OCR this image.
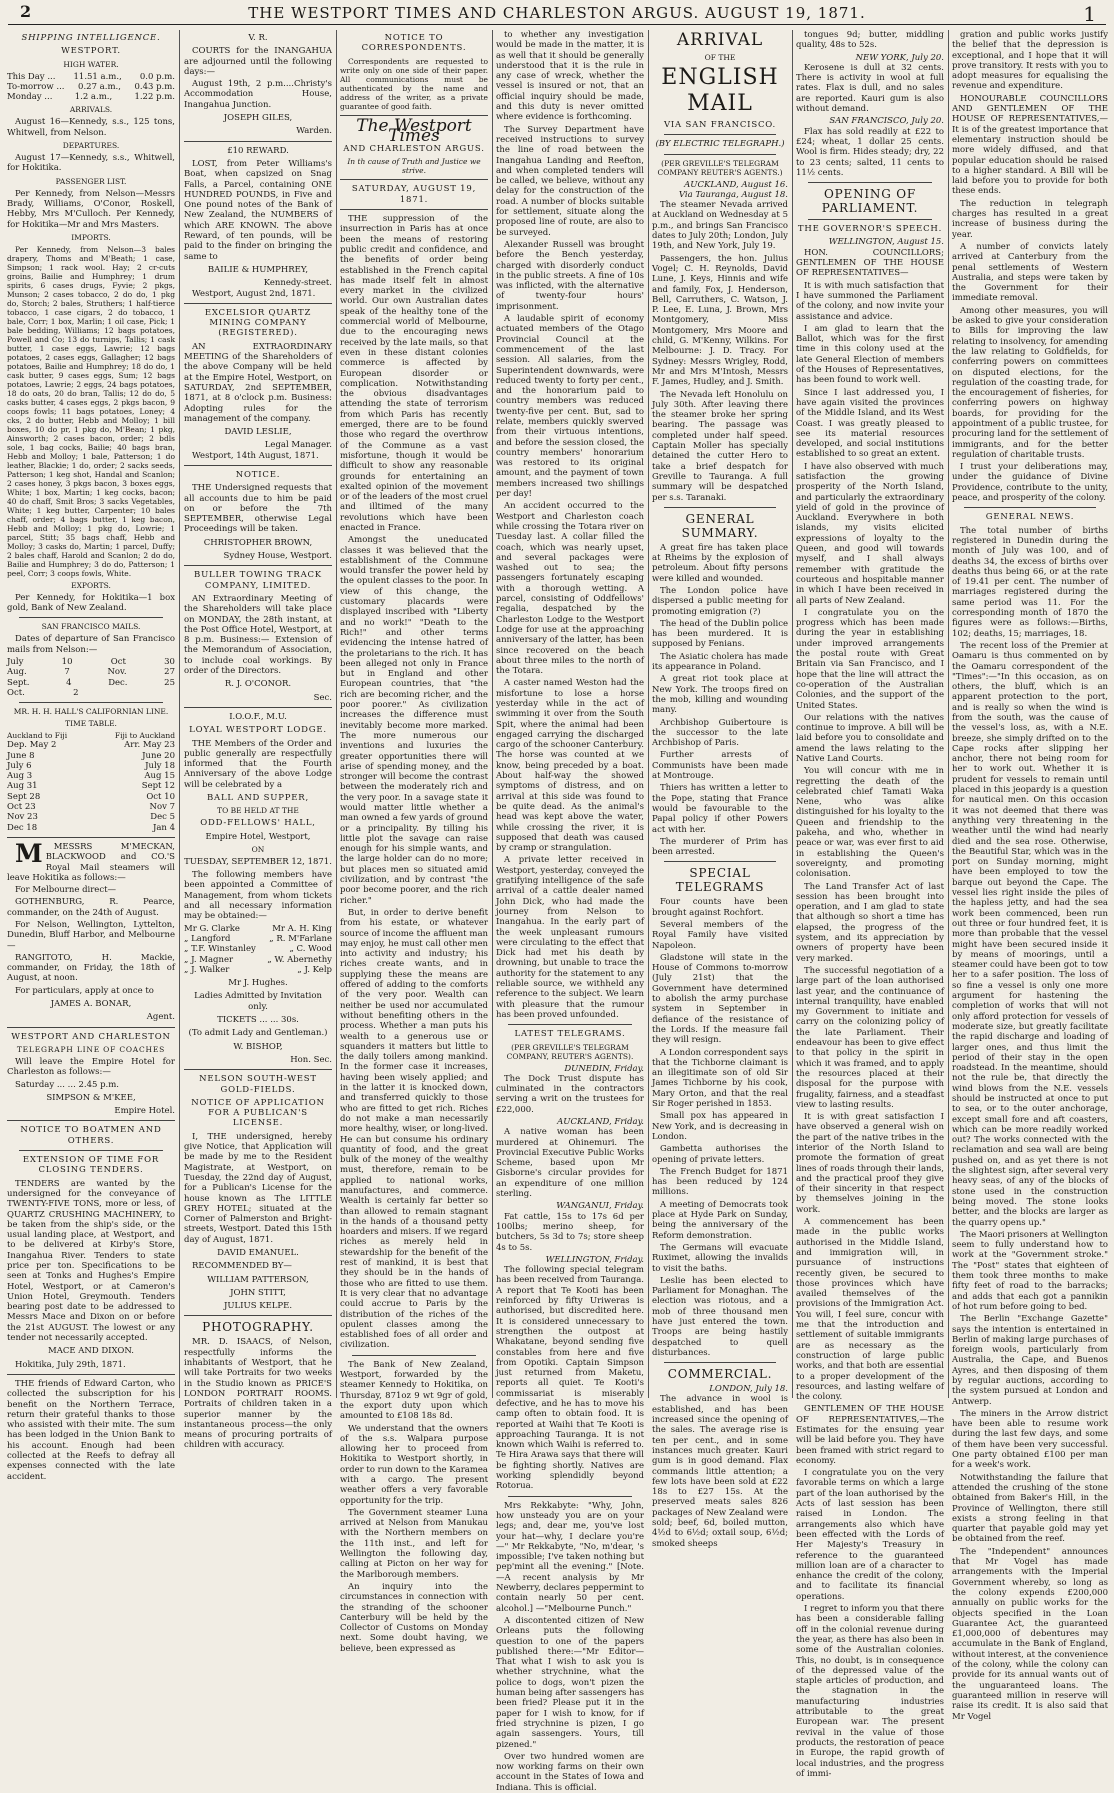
2	THE WESTPORT TIMES AND CHARLESTON ARGUS. AUGUST 19, 1871.	1
SHIPPING INTELLIGENCE.
WESTPORT.
HIGH WATER.
This Day ... 11.51 a.m., 0.0 p.m.
To-morrow ... 0.27 a.m., 0.43 p.m.
Monday ...	1.2 a.m.,	1.22 p.m.
ARRIVALS.

August 16—Kennedy, s.s., 125 tons, Whitwell, from Nelson.

DEPARTURES.

August 17—Kennedy, s.s., Whitwell, for Hokitika.

PASSENGER LIST.

Per Kennedy, from Nelson—Messrs Brady, Williams, O'Conor, Roskell, Hebby, Mrs M'Culloch. Per Kennedy, for Hokitika—Mr and Mrs Masters.

IMPORTS.

Per Kennedy, from Nelson—3 bales drapery, Thoms and M'Beath; 1 case, Simpson; 1 rack wool. Hay; 2 cr-cuts groins, Bailie and Humphrey; 1 drum spirits, 6 cases drugs, Fyvie; 2 pkgs, Munson; 2 cases tobacco, 2 do do, 1 pkg do, Storch; 2 bales, Struthers; 1 half-tierce tobacco, 1 case cigars, 2 do tobacco, 1 bale, Corr; 1 box, Marlin; 1 oil case, Pick; 1 bale bedding, Williams; 12 bags potatoes, Powell and Co; 13 do turnips, Tallis; 1 cask butter, 1 case eggs, Lawrie; 12 bags potatoes, 2 cases eggs, Gallagher; 12 bags potatoes, Bailie and Humphrey; 18 do do, 1 cask butter, 9 cases eggs, Sum; 12 bags potatoes, Lawrie; 2 eggs, 24 bags potatoes, 18 do oats, 20 do bran, Tallis; 12 do do, 5 casks butter, 4 cases eggs, 2 pkgs bacon, 9 coops fowls; 11 bags potatoes, Loney; 4 cks, 2 do butter, Hebb and Molloy; 1 bill boxes, 10 do pr, 1 pkg do, M'Bean; 1 pkg, Ainsworth; 2 cases bacon, order; 2 bdls sole, 1 bag cocks, Bailie; 40 bags bran, Hebb and Molloy; 1 bale, Patterson; 1 do leather, Blackie; 1 do, order; 2 sacks seeds, Patterson; 1 keg shot, Handal and Scanlon; 2 cases honey, 3 pkgs bacon, 3 boxes eggs, White; 1 box, Martin; 1 keg cocks, bacon; 40 do chaff, Smit Bros; 3 sacks Vegetables, White; 1 keg butter, Carpenter; 10 bales chaff, order; 4 bags butter, 1 keg bacon, Hebb and Molloy; 1 pkg do, Lowrie; 1 parcel, Stitt; 35 bags chaff, Hebb and Molloy; 3 casks do, Martin; 1 parcel, Duffy; 2 bales chaff, Harold and Scanlon; 2 do do, Bailie and Humphrey; 3 do do, Patterson; 1 peel, Corr; 3 coops fowls, White.

EXPORTS.

Per Kennedy, for Hokitika—1 box gold, Bank of New Zealand.

SAN FRANCISCO MAILS.

Dates of departure of San Francisco mails from Nelson:—

July	10	Oct	30
Aug.	7	Nov.	27
Sept.	4	Dec.	25
Oct.	2
MR. H. H. HALL'S CALIFORNIAN LINE.
TIME TABLE.
Auckland to Fiji	Fiji to Auckland
Dep. May 2	Arr. May 23
June 8	June 20
July 6	July 18
Aug 3	Aug 15
Aug 31	Sept 12
Sept 28	Oct 10
Oct 23	Nov 7
Nov 23	Dec 5
Dec 18	Jan 4

M MESSRS M'MECKAN, BLACKWOOD and CO.'S Royal Mail steamers will leave Hokitika as follows:—

For Melbourne direct—

GOTHENBURG, R. Pearce, commander, on the 24th of August.

For Nelson, Wellington, Lyttelton, Dunedin, Bluff Harbor, and Melbourne—

RANGITOTO, H. Mackie, commander, on Friday, the 18th of August, at noon.

For particulars, apply at once to

JAMES A. BONAR,
Agent.
WESTPORT AND CHARLESTON
TELEGRAPH LINE OF COACHES

Will leave the Empire Hotel for Charleston as follows:—

Saturday ... ... 2.45 p.m.

SIMPSON & M'KEE,
Empire Hotel.
NOTICE TO BOATMEN AND OTHERS.
EXTENSION OF TIME FOR CLOSING TENDERS.

TENDERS are wanted by the undersigned for the conveyance of TWENTY-FIVE TONS, more or less, of QUARTZ CRUSHING MACHINERY, to be taken from the ship's side, or the usual landing place, at Westport, and to be delivered at Kirby's Store, Inangahua River. Tenders to state price per ton. Specifications to be seen at Tonks and Hughes's Empire Hotel, Westport, or at Cameron's Union Hotel, Greymouth. Tenders bearing post date to be addressed to Messrs Mace and Dixon on or before the 21st AUGUST. The lowest or any tender not necessarily accepted.

MACE AND DIXON.

Hokitika, July 29th, 1871.

THE friends of Edward Carton, who collected the subscription for his benefit on the Northern Terrace, return their grateful thanks to those who assisted with their mite. The sum has been lodged in the Union Bank to his account. Enough had been collected at the Reefs to defray all expenses connected with the late accident.

V. R.

COURTS for the INANGAHUA are adjourned until the following days:—

August 19th, 2 p.m....Christy's Accommodation House, Inangahua Junction.

JOSEPH GILES,
Warden.
£10 REWARD.

LOST, from Peter Williams's Boat, when capsized on Snag Falls, a Parcel, containing ONE HUNDRED POUNDS, in Five and One pound notes of the Bank of New Zealand, the NUMBERS of which ARE KNOWN. The above Reward, of ten pounds, will be paid to the finder on bringing the same to

BAILIE & HUMPHREY,
Kennedy-street.

Westport, August 2nd, 1871.

EXCELSIOR QUARTZ MINING COMPANY (REGISTERED).

AN EXTRAORDINARY MEETING of the Shareholders of the above Company will be held at the Empire Hotel, Westport, on SATURDAY, 2nd SEPTEMBER, 1871, at 8 o'clock p.m. Business: Adopting rules for the management of the company.

DAVID LESLIE,
Legal Manager.

Westport, 14th August, 1871.

NOTICE.

THE Undersigned requests that all accounts due to him be paid on or before the 7th SEPTEMBER, otherwise Legal Proceedings will be taken.

CHRISTOPHER BROWN,
Sydney House, Westport.
BULLER TOWING TRACK COMPANY, LIMITED.

AN Extraordinary Meeting of the Shareholders will take place on MONDAY, the 28th instant, at the Post Office Hotel, Westport, at 8 p.m. Business:— Extension of the Memorandum of Association, to include coal workings. By order of the Directors.

R. J. O'CONOR.
Sec.
I.O.O.F., M.U.
LOYAL WESTPORT LODGE.

THE Members of the Order and public generally are respectfully informed that the Fourth Anniversary of the above Lodge will be celebrated by a

BALL AND SUPPER,
TO BE HELD AT THE
ODD-FELLOWS' HALL,
Empire Hotel, Westport,
ON
TUESDAY, SEPTEMBER 12, 1871.

The following members have been appointed a Committee of Management, from whom tickets and all necessary information may be obtained:—

Mr G. Clarke	Mr A. H. King
„ Langford	„ R. M'Farlane
„ T.F. Winstanley	„ C. Wood
„ J. Magner	„ W. Abernethy
„ J. Walker	„ J. Kelp
Mr J. Hughes.
Ladies Admitted by Invitation only.
TICKETS ... ... 30s.
(To admit Lady and Gentleman.)
W. BISHOP,
Hon. Sec.
NELSON SOUTH-WEST GOLD-FIELDS.
NOTICE OF APPLICATION FOR A PUBLICAN'S LICENSE.

I, THE undersigned, hereby give Notice, that Application will be made by me to the Resident Magistrate, at Westport, on Tuesday, the 22nd day of August, for a Publican's License for the house known as The LITTLE GREY HOTEL; situated at the Corner of Palmerston and Bright-streets, Westport. Dated this 15th day of August, 1871.

DAVID EMANUEL.

RECOMMENDED BY—

WILLIAM PATTERSON,
JOHN STITT,
JULIUS KELPE.
PHOTOGRAPHY.

MR. D. ISAACS, of Nelson, respectfully informs the inhabitants of Westport, that he will take Portraits for two weeks in the Studio known as PRICE'S LONDON PORTRAIT ROOMS. Portraits of children taken in a superior manner by the instantaneous process—the only means of procuring portraits of children with accuracy.

NOTICE TO CORRESPONDENTS.

Correspondents are requested to write only on one side of their paper. All communications must be authenticated by the name and address of the writer, as a private guarantee of good faith.

The Westport Times
AND CHARLESTON ARGUS.
In th cause of Truth and Justice we strive.
SATURDAY, AUGUST 19, 1871.

THE suppression of the insurrection in Paris has at once been the means of restoring public credit and confidence, and the benefits of order being established in the French capital has made itself felt in almost every market in the civilized world. Our own Australian dates speak of the healthy tone of the commercial world of Melbourne, due to the encouraging news received by the late mails, so that even in these distant colonies commerce is affected by European disorder or complication. Notwithstanding the obvious disadvantages attending the state of terrorism from which Paris has recently emerged, there are to be found those who regard the overthrow of the Commune as a vast misfortune, though it would be difficult to show any reasonable grounds for entertaining an exalted opinion of the movement or of the leaders of the most cruel and illtimed of the many revolutions which have been enacted in France.

Amongst the uneducated classes it was believed that the establishment of the Commune would transfer the power held by the opulent classes to the poor. In view of this change, the customary placards were displayed inscribed with "Liberty and no work!" "Death to the Rich!" and other terms evidencing the intense hatred of the proletarians to the rich. It has been alleged not only in France but in England and other European countries, that "the rich are becoming richer, and the poor poorer." As civilization increases the difference must inevitably become more marked. The more numerous our inventions and luxuries the greater opportunities there will arise of spending money, and the stronger will become the contrast between the moderately rich and the very poor. In a savage state it would matter little whether a man owned a few yards of ground or a principality. By tilling his little plot the savage can raise enough for his simple wants, and the large holder can do no more; but places men so situated amid civilization, and by contrast "the poor become poorer, and the rich richer."

But, in order to derive benefit from his estate, or whatever source of income the affluent man may enjoy, he must call other men into activity and industry; his riches create wants, and in supplying these the means are offered of adding to the comforts of the very poor. Wealth can neither be used nor accumulated without benefiting others in the process. Whether a man puts his wealth to a generous use or squanders it matters but little to the daily toilers among mankind. In the former case it increases, having been wisely applied; and in the latter it is knocked down, and transferred quickly to those who are fitted to get rich. Riches do not make a man necessarily more healthy, wiser, or long-lived. He can but consume his ordinary quantity of food, and the great bulk of the money of the wealthy must, therefore, remain to be applied to national works, manufactures, and commerce. Wealth is certainly far better so than allowed to remain stagnant in the hands of a thousand petty hoarders and misers. If we regard riches as merely held in stewardship for the benefit of the rest of mankind, it is best that they should be in the hands of those who are fitted to use them. It is very clear that no advantage could accrue to Paris by the distribution of the riches of the opulent classes among the established foes of all order and civilization.

The Bank of New Zealand, Westport, forwarded by the steamer Kennedy to Hokitika, on Thursday, 871oz 9 wt 9gr of gold, the export duty upon which amounted to £108 18s 8d.

We understand that the owners of the s.s. Walpara purpose allowing her to proceed from Hokitika to Westport shortly, in order to run down to the Karamea with a cargo. The present weather offers a very favorable opportunity for the trip.

The Government steamer Luna arrived at Nelson from Manukau with the Northern members on the 11th inst., and left for Wellington the following day, calling at Picton on her way for the Marlborough members.

An inquiry into the circumstances in connection with the stranding of the schooner Canterbury will be held by the Collector of Customs on Monday next. Some doubt having, we believe, been expressed as

to whether any investigation would be made in the matter, it is as well that it should be generally understood that it is the rule in any case of wreck, whether the vessel is insured or not, that an official inquiry should be made, and this duty is never omitted where evidence is forthcoming.

The Survey Department have received instructions to survey the line of road between the Inangahua Landing and Reefton, and when completed tenders will be called, we believe, without any delay for the construction of the road. A number of blocks suitable for settlement, situate along the proposed line of route, are also to be surveyed.

Alexander Russell was brought before the Bench yesterday, charged with disorderly conduct in the public streets. A fine of 10s was inflicted, with the alternative of twenty-four hours' imprisonment.

A laudable spirit of economy actuated members of the Otago Provincial Council at the commencement of the last session. All salaries, from the Superintendent downwards, were reduced twenty to forty per cent., and the honorarium paid to country members was reduced twenty-five per cent. But, sad to relate, members quickly swerved from their virtuous intentions, and before the session closed, the country members' honorarium was restored to its original amount, and the payment of town members increased two shillings per day!

An accident occurred to the Westport and Charleston coach while crossing the Totara river on Tuesday last. A collar filled the coach, which was nearly upset, and several packages were washed out to sea; the passengers fortunately escaping with a thorough wetting. A parcel, consisting of Oddfellows' regalia, despatched by the Charleston Lodge to the Westport Lodge for use at the approaching anniversary of the latter, has been since recovered on the beach about three miles to the north of the Totara.

A caster named Weston had the misfortune to lose a horse yesterday while in the act of swimming it over from the South Spit, where the animal had been engaged carrying the discharged cargo of the schooner Canterbury. The horse was counted at we know, being preceded by a boat. About half-way the showed symptoms of distress, and on arrival at this side was found to be quite dead. As the animal's head was kept above the water, while crossing the river, it is supposed that death was caused by cramp or strangulation.

A private letter received in Westport, yesterday, conveyed the gratifying intelligence of the safe arrival of a cattle dealer named John Dick, who had made the journey from Nelson to Inangahua. In the early part of the week unpleasant rumours were circulating to the effect that Dick had met his death by drowning, but unable to trace the authority for the statement to any reliable source, we withheld any reference to the subject. We learn with pleasure that the rumour has been proved unfounded.

LATEST TELEGRAMS.
(PER GREVILLE'S TELEGRAM COMPANY, REUTER'S AGENTS).
DUNEDIN, Friday.

The Dock Trust dispute has culminated in the contractors serving a writ on the trustees for £22,000.

AUCKLAND, Friday.

A native woman has been murdered at Ohinemuri. The Provincial Executive Public Works Scheme, based upon Mr Gisborne's circular provides for an expenditure of one million sterling.

WANGANUI, Friday.

Fat cattle, 15s to 17s 6d per 100lbs; merino sheep, for butchers, 5s 3d to 7s; store sheep 4s to 5s.

WELLINGTON, Friday.

The following special telegram has been received from Tauranga. A report that Te Kooti has been reinforced by fifty Uriweras is authorised, but discredited here. It is considered unnecessary to strengthen the outpost at Whakatane, beyond sending five constables from here and five from Opotiki. Captain Simpson just returned from Maketu, reports all quiet. Te Kooti's commissariat is miserably defective, and he has to move his camp often to obtain food. It is reported at Waihi that Te Kooti is approaching Tauranga. It is not known which Waihi is referred to. Te Hira Arawa says that there will be fighting shortly. Natives are working splendidly beyond Rotorua.

Mrs Rekkabyte: "Why, John, how unsteady you are on your legs; and, dear me, you've lost your hat—why, I declare you're —" Mr Rekkabyte, "No, m'dear, 's impossible; I've taken nothing but pep'mint all the evening." [Note.—A recent analysis by Mr Newberry, declares peppermint to contain nearly 50 per cent. alcohol.] —"Melbourne Punch."

A discontented citizen of New Orleans puts the following question to one of the papers published there:—"Mr Editor—That what I wish to ask you is whether strychnine, what the police to dogs, won't pizen the human being after sassengers has been fried? Please put it in the paper for I wish to know, for if fried strychnine is pizen, I go again sassengers. Yours, till pizened."

Over two hundred women are now working farms on their own account in the States of Iowa and Indiana. This is official.

ARRIVAL
OF THE
ENGLISH MAIL
VIA SAN FRANCISCO.
(BY ELECTRIC TELEGRAPH.)
(PER GREVILLE'S TELEGRAM COMPANY REUTER'S AGENTS.)
AUCKLAND, August 16.
Via Tauranga, August 18.

The steamer Nevada arrived at Auckland on Wednesday at 5 p.m., and brings San Francisco dates to July 20th; London, July 19th, and New York, July 19.

Passengers, the hon. Julius Vogel; C. H. Reynolds, David Lune, J. Keys, Hinnis and wife and family, Fox, J. Henderson, Bell, Carruthers, C. Watson, J. P. Lee, E. Luna, J. Brown, Mrs Montgomery, Miss Montgomery, Mrs Moore and child, G. M'Kenny, Wilkins. For Melbourne: J. D. Tracy. For Sydney: Messrs Wrigley, Rodd, Mr and Mrs M'Intosh, Messrs F. James, Hudley, and J. Smith.

The Nevada left Honolulu on July 30th. After leaving there the steamer broke her spring bearing. The passage was completed under half speed. Captain Moller has specially detained the cutter Hero to take a brief despatch for Greville to Tauranga. A full summary will be despatched per s.s. Taranaki.

GENERAL SUMMARY.

A great fire has taken place at Rheims by the explosion of petroleum. About fifty persons were killed and wounded.

The London police have dispersed a public meeting for promoting emigration (?)

The head of the Dublin police has been murdered. It is supposed by Fenians.

The Asiatic cholera has made its appearance in Poland.

A great riot took place at New York. The troops fired on the mob, killing and wounding many.

Archbishop Guibertoure is the successor to the late Archbishop of Paris.

Further arrests of Communists have been made at Montrouge.

Thiers has written a letter to the Pope, stating that France would be favourable to the Papal policy if other Powers act with her.

The murderer of Prim has been arrested.

SPECIAL TELEGRAMS

Four counts have been brought against Rochfort.

Several members of the Royal Family have visited Napoleon.

Gladstone will state in the House of Commons to-morrow (July 21st) that the Government have determined to abolish the army purchase system in September in defiance of the resistance of the Lords. If the measure fail they will resign.

A London correspondent says that the Tichborne claimant is an illegitimate son of old Sir James Tichborne by his cook, Mary Orton, and that the real Sir Roger perished in 1853.

Small pox has appeared in New York, and is decreasing in London.

Gambetta authorises the opening of private letters.

The French Budget for 1871 has been reduced by 124 millions.

A meeting of Democrats took place at Hyde Park on Sunday, being the anniversary of the Reform demonstration.

The Germans will evacuate Ruximet, allowing the invalids to visit the baths.

Leslie has been elected to Parliament for Monaghan. The election was riotous, and a mob of three thousand men have just entered the town. Troops are being hastily despatched to quell disturbances.

COMMERCIAL.
LONDON, July 18.

The advance in wool is established, and has been increased since the opening of the sales. The average rise is ten per cent., and in some instances much greater. Kauri gum is in good demand. Flax commands little attention; a few lots have been sold at £22 18s to £27 15s. At the preserved meats sales 826 packages of New Zealand were sold; beef, 6d, boiled mutton, 4½d to 6½d; oxtail soup, 6½d; smoked sheeps

tongues 9d; butter, middling quality, 48s to 52s.

NEW YORK, July 20.

Kerosene is dull at 32 cents. There is activity in wool at full rates. Flax is dull, and no sales are reported. Kauri gum is also without demand.

SAN FRANCISCO, July 20.

Flax has sold readily at £22 to £24; wheat, 1 dollar 25 cents. Wool is firm. Hides steady; dry, 22 to 23 cents; salted, 11 cents to 11½ cents.

OPENING OF PARLIAMENT.
THE GOVERNOR'S SPEECH.
WELLINGTON, August 15.

HON. COUNCILLORS; GENTLEMEN OF THE HOUSE OF REPRESENTATIVES—

It is with much satisfaction that I have summoned the Parliament of the colony, and now invite your assistance and advice.

I am glad to learn that the Ballot, which was for the first time in this colony used at the late General Election of members of the Houses of Representatives, has been found to work well.

Since I last addressed you, I have again visited the provinces of the Middle Island, and its West Coast. I was greatly pleased to see its material resources developed, and social institutions established to so great an extent.

I have also observed with much satisfaction the growing prosperity of the North Island, and particularly the extraordinary yield of gold in the province of Auckland. Everywhere in both islands, my visits elicited expressions of loyalty to the Queen, and good will towards myself, and I shall always remember with gratitude the courteous and hospitable manner in which I have been received in all parts of New Zealand.

I congratulate you on the progress which has been made during the year in establishing under improved arrangements the postal route with Great Britain via San Francisco, and I hope that the line will attract the co-operation of the Australian Colonies, and the support of the United States.

Our relations with the natives continue to improve. A bill will be laid before you to consolidate and amend the laws relating to the Native Land Courts.

You will concur with me in regretting the death of the celebrated chief Tamati Waka Nene, who was alike distinguished for his loyalty to the Queen and friendship to the pakeha, and who, whether in peace or war, was ever first to aid in establishing the Queen's sovereignty, and promoting colonisation.

The Land Transfer Act of last session has been brought into operation, and I am glad to state that although so short a time has elapsed, the progress of the system, and its appreciation by owners of property have been very marked.

The successful negotiation of a large part of the loan authorised last year, and the continuance of internal tranquility, have enabled my Government to initiate and carry on the colonizing policy of the late Parliament. Their endeavour has been to give effect to that policy in the spirit in which it was framed, and to apply the resources placed at their disposal for the purpose with frugality, fairness, and a steadfast view to lasting results.

It is with great satisfaction I have observed a general wish on the part of the native tribes in the interior of the North Island to promote the formation of great lines of roads through their lands, and the practical proof they give of their sincerity in that respect by themselves joining in the work.

A commencement has been made in the public works authorised in the Middle Island, and immigration will, in pursuance of instructions recently given, be secured to those provinces which have availed themselves of the provisions of the Immigration Act. You will, I feel sure, concur with me that the introduction and settlement of suitable immigrants are as necessary as the construction of large public works, and that both are essential to a proper development of the resources, and lasting welfare of the colony.

GENTLEMEN OF THE HOUSE OF REPRESENTATIVES,—The Estimates for the ensuing year will be laid before you. They have been framed with strict regard to economy.

I congratulate you on the very favorable terms on which a large part of the loan authorised by the Acts of last session has been raised in London. The arrangements also which have been effected with the Lords of Her Majesty's Treasury in reference to the guaranteed million loan are of a character to enhance the credit of the colony, and to facilitate its financial operations.

I regret to inform you that there has been a considerable falling off in the colonial revenue during the year, as there has also been in some of the Australian colonies. This, no doubt, is in consequence of the depressed value of the staple articles of production, and the stagnation in the manufacturing industries attributable to the great European war. The present revival in the value of those products, the restoration of peace in Europe, the rapid growth of local industries, and the progress of immi-

gration and public works justify the belief that the depression is exceptional, and I hope that it will prove transitory. It rests with you to adopt measures for equalising the revenue and expenditure.

HONOURABLE COUNCILLORS AND GENTLEMEN OF THE HOUSE OF REPRESENTATIVES,—It is of the greatest importance that elementary instruction should be more widely diffused, and that popular education should be raised to a higher standard. A Bill will be laid before you to provide for both these ends.

The reduction in telegraph charges has resulted in a great increase of business during the year.

A number of convicts lately arrived at Canterbury from the penal settlements of Western Australia, and steps were taken by the Government for their immediate removal.

Among other measures, you will be asked to give your consideration to Bills for improving the law relating to insolvency, for amending the law relating to Goldfields, for conferring powers on committees on disputed elections, for the regulation of the coasting trade, for the encouragement of fisheries, for conferring powers on highway boards, for providing for the appointment of a public trustee, for procuring land for the settlement of immigrants, and for the better regulation of charitable trusts.

I trust your deliberations may, under the guidance of Divine Providence, contribute to the unity, peace, and prosperity of the colony.

GENERAL NEWS.

The total number of births registered in Dunedin during the month of July was 100, and of deaths 34, the excess of births over deaths thus being 66, or at the rate of 19.41 per cent. The number of marriages registered during the same period was 11. For the corresponding month of 1870 the figures were as follows:—Births, 102; deaths, 15; marriages, 18.

The recent loss of the Premier at Oamaru is thus commented on by the Oamaru correspondent of the "Times":—"In this occasion, as on others, the bluff, which is an apparent protection to the port, and is really so when the wind is from the south, was the cause of the vessel's loss, as, with a N.E. breeze, she simply drifted on to the Cape rocks after slipping her anchor, there not being room for her to work out. Whether it is prudent for vessels to remain until placed in this jeopardy is a question for nautical men. On this occasion it was not deemed that there was anything very threatening in the weather until the wind had nearly died and the sea rose. Otherwise, the Beautiful Star, which was in the port on Sunday morning, might have been employed to tow the barque out beyond the Cape. The vessel lies right inside the piles of the hapless jetty, and had the sea work been commenced, been run out three or four hundred feet, it is more than probable that the vessel might have been secured inside it by means of moorings, until a steamer could have been got to tow her to a safer position. The loss of so fine a vessel is only one more argument for hastening the completion of works that will not only afford protection for vessels of moderate size, but greatly facilitate the rapid discharge and loading of larger ones, and thus limit the period of their stay in the open roadstead. In the meantime, should not the rule be, that directly the wind blows from the N.E. vessels should be instructed at once to put to sea, or to the outer anchorage, except small fore and aft coasters, which can be more readily worked out? The works connected with the reclamation and sea wall are being pushed on, and as yet there is not the slightest sign, after several very heavy seas, of any of the blocks of stone used in the construction being moved. The stone looks better, and the blocks are larger as the quarry opens up."

The Maori prisoners at Wellington seem to fully understand how to work at the "Government stroke." The "Post" states that eighteen of them took three months to make fifty feet of road to the barracks; and adds that each got a pannikin of hot rum before going to bed.

The Berlin "Exchange Gazette" says the intention is entertained in Berlin of making large purchases of foreign wools, particularly from Australia, the Cape, and Buenos Ayres, and then disposing of them by regular auctions, according to the system pursued at London and Antwerp.

The miners in the Arrow district have been able to resume work during the last few days, and some of them have been very successful. One party obtained £100 per man for a week's work.

Notwithstanding the failure that attended the crushing of the stone obtained from Baker's Hill, in the Province of Wellington, there still exists a strong feeling in that quarter that payable gold may yet be obtained from the reef.

The "Independent" announces that Mr Vogel has made arrangements with the Imperial Government whereby, so long as the colony expends £200,000 annually on public works for the objects specified in the Loan Guarantee Act, the guaranteed £1,000,000 of debentures may accumulate in the Bank of England, without interest, at the convenience of the colony, while the colony can provide for its annual wants out of the unguaranteed loans. The guaranteed million in reserve will raise its credit. It is also said that Mr Vogel
